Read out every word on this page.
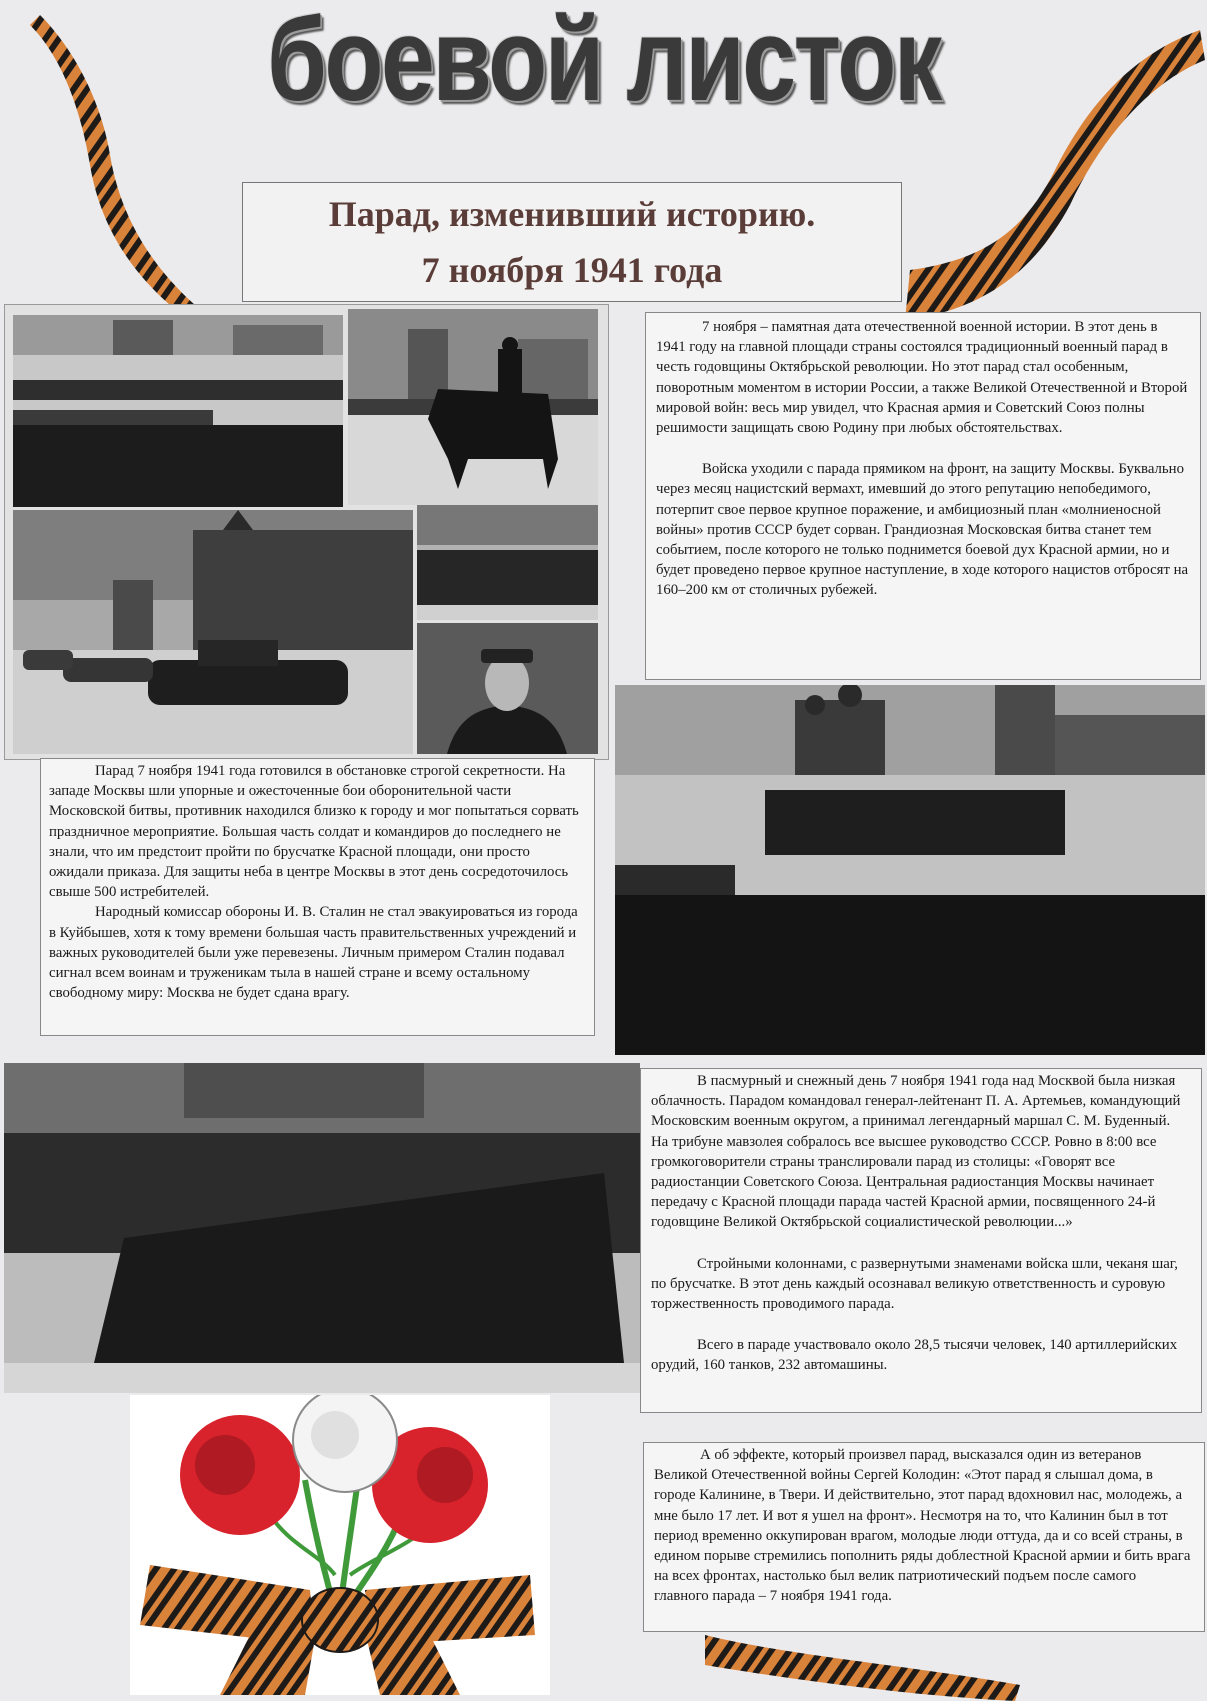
боевой листок
Парад, изменивший историю.
7 ноября 1941 года

7 ноября – памятная дата отечественной военной истории. В этот день в 1941 году на главной площади страны состоялся традиционный военный парад в честь годовщины Октябрьской революции. Но этот парад стал особенным, поворотным моментом в истории России, а также Великой Отечественной и Второй мировой войн: весь мир увидел, что Красная армия и Советский Союз полны решимости защищать свою Родину при любых обстоятельствах.

Войска уходили с парада прямиком на фронт, на защиту Москвы. Буквально через месяц нацистский вермахт, имевший до этого репутацию непобедимого, потерпит свое первое крупное поражение, и амбициозный план «молниеносной войны» против СССР будет сорван. Грандиозная Московская битва станет тем событием, после которого не только поднимется боевой дух Красной армии, но и будет проведено первое крупное наступление, в ходе которого нацистов отбросят на 160–200 км от столичных рубежей.

Парад 7 ноября 1941 года готовился в обстановке строгой секретности. На западе Москвы шли упорные и ожесточенные бои оборонительной части Московской битвы, противник находился близко к городу и мог попытаться сорвать праздничное мероприятие. Большая часть солдат и командиров до последнего не знали, что им предстоит пройти по брусчатке Красной площади, они просто ожидали приказа. Для защиты неба в центре Москвы в этот день сосредоточилось свыше 500 истребителей.

Народный комиссар обороны И. В. Сталин не стал эвакуироваться из города в Куйбышев, хотя к тому времени большая часть правительственных учреждений и важных руководителей были уже перевезены. Личным примером Сталин подавал сигнал всем воинам и труженикам тыла в нашей стране и всему остальному свободному миру: Москва не будет сдана врагу.

В пасмурный и снежный день 7 ноября 1941 года над Москвой была низкая облачность. Парадом командовал генерал-лейтенант П. А. Артемьев, командующий Московским военным округом, а принимал легендарный маршал С. М. Буденный. На трибуне мавзолея собралось все высшее руководство СССР. Ровно в 8:00 все громкоговорители страны транслировали парад из столицы: «Говорят все радиостанции Советского Союза. Центральная радиостанция Москвы начинает передачу с Красной площади парада частей Красной армии, посвященного 24-й годовщине Великой Октябрьской социалистической революции...»

Стройными колоннами, с развернутыми знаменами войска шли, чеканя шаг, по брусчатке. В этот день каждый осознавал великую ответственность и суровую торжественность проводимого парада.

Всего в параде участвовало около 28,5 тысячи человек, 140 артиллерийских орудий, 160 танков, 232 автомашины.

А об эффекте, который произвел парад, высказался один из ветеранов Великой Отечественной войны Сергей Колодин: «Этот парад я слышал дома, в городе Калинине, в Твери. И действительно, этот парад вдохновил нас, молодежь, а мне было 17 лет. И вот я ушел на фронт». Несмотря на то, что Калинин был в тот период временно оккупирован врагом, молодые люди оттуда, да и со всей страны, в едином порыве стремились пополнить ряды доблестной Красной армии и бить врага на всех фронтах, настолько был велик патриотический подъем после самого главного парада – 7 ноября 1941 года.
